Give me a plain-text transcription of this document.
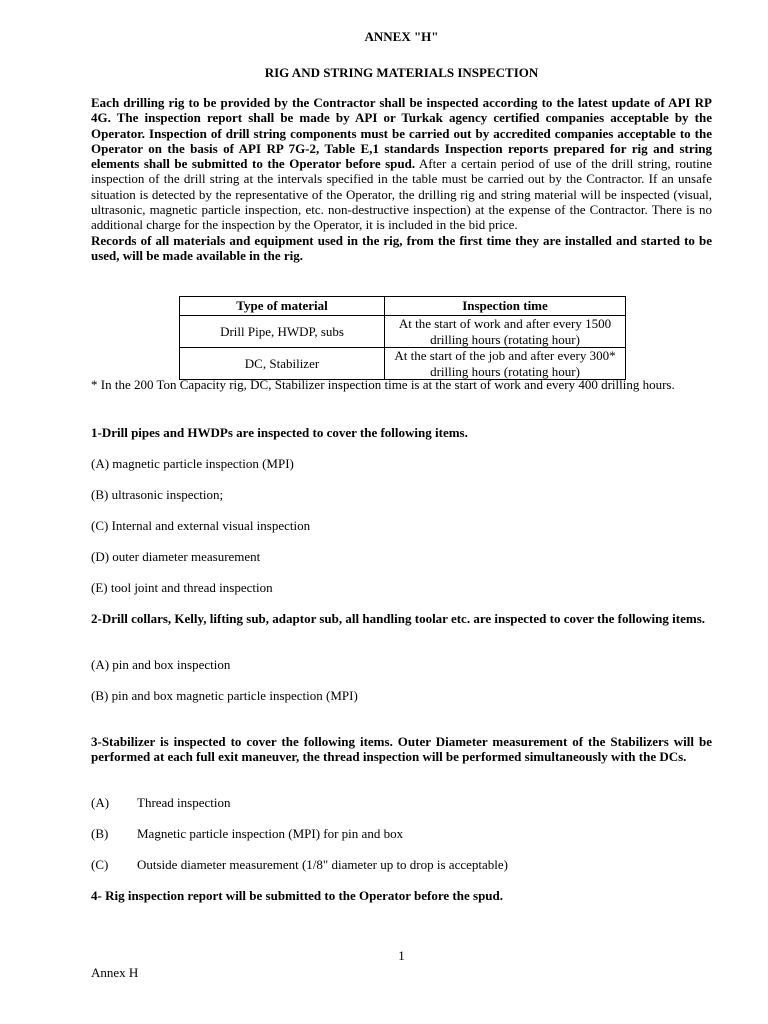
ANNEX "H"
RIG AND STRING MATERIALS INSPECTION

Each drilling rig to be provided by the Contractor shall be inspected according to the latest update of API RP 4G. The inspection report shall be made by API or Turkak agency certified companies acceptable by the Operator. Inspection of drill string components must be carried out by accredited companies acceptable to the Operator on the basis of API RP 7G-2, Table E,1 standards Inspection reports prepared for rig and string elements shall be submitted to the Operator before spud. After a certain period of use of the drill string, routine inspection of the drill string at the intervals specified in the table must be carried out by the Contractor. If an unsafe situation is detected by the representative of the Operator, the drilling rig and string material will be inspected (visual, ultrasonic, magnetic particle inspection, etc. non-destructive inspection) at the expense of the Contractor. There is no additional charge for the inspection by the Operator, it is included in the bid price.
Records of all materials and equipment used in the rig, from the first time they are installed and started to be used, will be made available in the rig.

Type of material	Inspection time
Drill Pipe, HWDP, subs	At the start of work and after every 1500 drilling hours (rotating hour)
DC, Stabilizer	At the start of the job and after every 300* drilling hours (rotating hour)

* In the 200 Ton Capacity rig, DC, Stabilizer inspection time is at the start of work and every 400 drilling hours.

1-Drill pipes and HWDPs are inspected to cover the following items.
(A) magnetic particle inspection (MPI)
(B) ultrasonic inspection;
(C) Internal and external visual inspection
(D) outer diameter measurement
(E) tool joint and thread inspection
2-Drill collars, Kelly, lifting sub, adaptor sub, all handling toolar etc. are inspected to cover the following items.
(A) pin and box inspection
(B) pin and box magnetic particle inspection (MPI)
3-Stabilizer is inspected to cover the following items. Outer Diameter measurement of the Stabilizers will be performed at each full exit maneuver, the thread inspection will be performed simultaneously with the DCs.
(A) Thread inspection
(B) Magnetic particle inspection (MPI) for pin and box
(C) Outside diameter measurement (1/8" diameter up to drop is acceptable)
4- Rig inspection report will be submitted to the Operator before the spud.
1
Annex H
